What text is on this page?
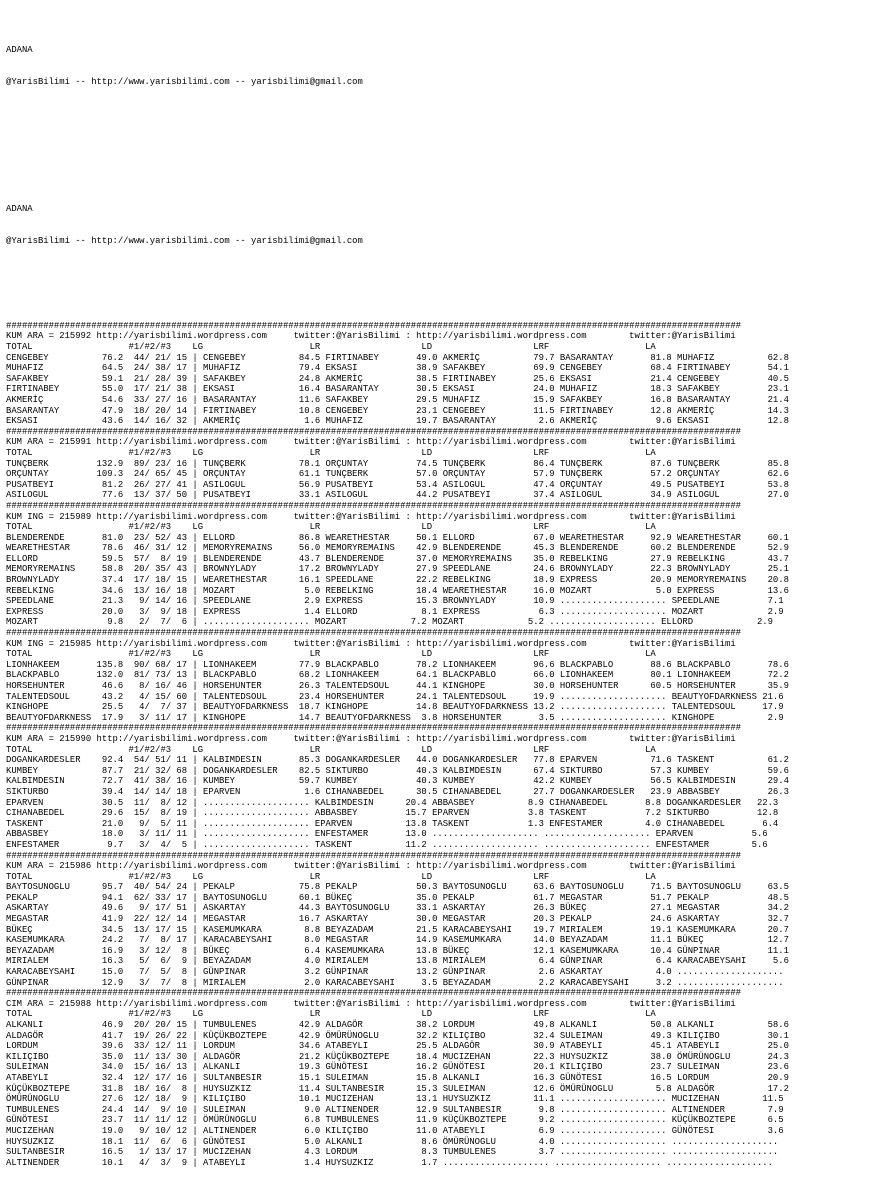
ADANA

@YarisBilimi -- http://www.yarisbilimi.com -- yarisbilimi@gmail.com

ADANA

@YarisBilimi -- http://www.yarisbilimi.com -- yarisbilimi@gmail.com

##########################################################################################################################################
KUM ARA = 215992 http://yarisbilimi.wordpress.com     twitter:@YarisBilimi : http://yarisbilimi.wordpress.com        twitter:@YarisBilimi
TOTAL                  #1/#2/#3    LG                    LR                   LD                   LRF                  LA
CENGEBEY          76.2  44/ 21/ 15 | CENGEBEY          84.5 FIRTINABEY       49.0 AKMERİÇ          79.7 BASARANTAY       81.8 MUHAFIZ          62.8
MUHAFIZ           64.5  24/ 38/ 17 | MUHAFIZ           79.4 EKSASI           38.9 SAFAKBEY         69.9 CENGEBEY         68.4 FIRTINABEY       54.1
SAFAKBEY          59.1  21/ 28/ 39 | SAFAKBEY          24.8 AKMERİÇ          38.5 FIRTINABEY       25.6 EKSASI           21.4 CENGEBEY         40.5
FIRTINABEY        55.0  17/ 21/ 38 | EKSASI            16.4 BASARANTAY       30.5 EKSASI           24.0 MUHAFIZ          18.3 SAFAKBEY         23.1
AKMERİÇ           54.6  33/ 27/ 16 | BASARANTAY        11.6 SAFAKBEY         29.5 MUHAFIZ          15.9 SAFAKBEY         16.8 BASARANTAY       21.4
BASARANTAY        47.9  18/ 20/ 14 | FIRTINABEY        10.8 CENGEBEY         23.1 CENGEBEY         11.5 FIRTINABEY       12.8 AKMERİÇ          14.3
EKSASI            43.6  14/ 16/ 32 | AKMERİÇ            1.6 MUHAFIZ          19.7 BASARANTAY        2.6 AKMERİÇ           9.6 EKSASI           12.8
##########################################################################################################################################
KUM ARA = 215991 http://yarisbilimi.wordpress.com     twitter:@YarisBilimi : http://yarisbilimi.wordpress.com        twitter:@YarisBilimi
TOTAL                  #1/#2/#3    LG                    LR                   LD                   LRF                  LA
TUNÇBERK         132.9  89/ 23/ 16 | TUNÇBERK          78.1 ORÇUNTAY         74.5 TUNÇBERK         86.4 TUNÇBERK         87.6 TUNÇBERK         85.8
ORÇUNTAY         109.3  24/ 65/ 45 | ORÇUNTAY          61.1 TUNÇBERK         57.0 ORÇUNTAY         57.9 TUNÇBERK         57.2 ORÇUNTAY         62.6
PUSATBEYI         81.2  26/ 27/ 41 | ASILOGUL          56.9 PUSATBEYI        53.4 ASILOGUL         47.4 ORÇUNTAY         49.5 PUSATBEYI        53.8
ASILOGUL          77.6  13/ 37/ 50 | PUSATBEYI         33.1 ASILOGUL         44.2 PUSATBEYI        37.4 ASILOGUL         34.9 ASILOGUL         27.0
##########################################################################################################################################
KUM ING = 215989 http://yarisbilimi.wordpress.com     twitter:@YarisBilimi : http://yarisbilimi.wordpress.com        twitter:@YarisBilimi
TOTAL                  #1/#2/#3    LG                    LR                   LD                   LRF                  LA
BLENDERENDE       81.0  23/ 52/ 43 | ELLORD            86.8 WEARETHESTAR     50.1 ELLORD           67.0 WEARETHESTAR     92.9 WEARETHESTAR     60.1
WEARETHESTAR      78.6  46/ 31/ 12 | MEMORYREMAINS     56.0 MEMORYREMAINS    42.9 BLENDERENDE      45.3 BLENDERENDE      60.2 BLENDERENDE      52.9
ELLORD            59.5  57/  8/ 19 | BLENDERENDE       43.7 BLENDERENDE      37.0 MEMORYREMAINS    35.0 REBELKING        27.9 REBELKING        43.7
MEMORYREMAINS     58.8  20/ 35/ 43 | BROWNYLADY        17.2 BROWNYLADY       27.9 SPEEDLANE        24.6 BROWNYLADY       22.3 BROWNYLADY       25.1
BROWNYLADY        37.4  17/ 18/ 15 | WEARETHESTAR      16.1 SPEEDLANE        22.2 REBELKING        18.9 EXPRESS          20.9 MEMORYREMAINS    20.8
REBELKING         34.6  13/ 16/ 18 | MOZART             5.0 REBELKING        18.4 WEARETHESTAR     16.0 MOZART            5.0 EXPRESS          13.6
SPEEDLANE         21.3   9/ 14/ 16 | SPEEDLANE          2.9 EXPRESS          15.3 BROWNYLADY       10.9 .................... SPEEDLANE         7.1
EXPRESS           20.0   3/  9/ 18 | EXPRESS            1.4 ELLORD            8.1 EXPRESS           6.3 .................... MOZART            2.9
MOZART             9.8   2/  7/  6 | .................... MOZART            7.2 MOZART            5.2 .................... ELLORD            2.9
##########################################################################################################################################
KUM ING = 215985 http://yarisbilimi.wordpress.com     twitter:@YarisBilimi : http://yarisbilimi.wordpress.com        twitter:@YarisBilimi
TOTAL                  #1/#2/#3    LG                    LR                   LD                   LRF                  LA
LIONHAKEEM       135.8  90/ 68/ 17 | LIONHAKEEM        77.9 BLACKPABLO       78.2 LIONHAKEEM       96.6 BLACKPABLO       88.6 BLACKPABLO       78.6
BLACKPABLO       132.0  81/ 73/ 13 | BLACKPABLO        68.2 LIONHAKEEM       64.1 BLACKPABLO       66.0 LIONHAKEEM       80.1 LIONHAKEEM       72.2
HORSEHUNTER       46.6   8/ 16/ 46 | HORSEHUNTER       26.3 TALENTEDSOUL     44.1 KINGHOPE         30.0 HORSEHUNTER      60.5 HORSEHUNTER      35.9
TALENTEDSOUL      43.2   4/ 15/ 60 | TALENTEDSOUL      23.4 HORSEHUNTER      24.1 TALENTEDSOUL     19.9 .................... BEAUTYOFDARKNESS 21.6
KINGHOPE          25.5   4/  7/ 37 | BEAUTYOFDARKNESS  18.7 KINGHOPE         14.8 BEAUTYOFDARKNESS 13.2 .................... TALENTEDSOUL     17.9
BEAUTYOFDARKNESS  17.9   3/ 11/ 17 | KINGHOPE          14.7 BEAUTYOFDARKNESS  3.8 HORSEHUNTER       3.5 .................... KINGHOPE          2.9
##########################################################################################################################################
KUM ARA = 215990 http://yarisbilimi.wordpress.com     twitter:@YarisBilimi : http://yarisbilimi.wordpress.com        twitter:@YarisBilimi
TOTAL                  #1/#2/#3    LG                    LR                   LD                   LRF                  LA
DOGANKARDESLER    92.4  54/ 51/ 11 | KALBIMDESIN       85.3 DOGANKARDESLER   44.0 DOGANKARDESLER   77.8 EPARVEN          71.6 TASKENT          61.2
KUMBEY            87.7  21/ 32/ 68 | DOGANKARDESLER    82.5 SIKTURBO         40.3 KALBIMDESIN      67.4 SIKTURBO         57.3 KUMBEY           59.6
KALBIMDESIN       72.7  41/ 38/ 16 | KUMBEY            59.7 KUMBEY           40.3 KUMBEY           42.2 KUMBEY           56.5 KALBIMDESIN      29.4
SIKTURBO          39.4  14/ 14/ 18 | EPARVEN            1.6 CIHANABEDEL      30.5 CIHANABEDEL      27.7 DOGANKARDESLER   23.9 ABBASBEY         26.3
EPARVEN           30.5  11/  8/ 12 | .................... KALBIMDESIN      20.4 ABBASBEY          8.9 CIHANABEDEL       8.8 DOGANKARDESLER   22.3
CIHANABEDEL       29.6  15/  8/ 19 | .................... ABBASBEY         15.7 EPARVEN           3.8 TASKENT           7.2 SIKTURBO         12.8
TASKENT           21.0   9/  5/ 11 | .................... EPARVEN          13.8 TASKENT           1.3 ENFESTAMER        4.0 CIHANABEDEL       6.4
ABBASBEY          18.0   3/ 11/ 11 | .................... ENFESTAMER       13.0 .................... .................... EPARVEN           5.6
ENFESTAMER         9.7   3/  4/  5 | .................... TASKENT          11.2 .................... .................... ENFESTAMER        5.6
##########################################################################################################################################
KUM ARA = 215986 http://yarisbilimi.wordpress.com     twitter:@YarisBilimi : http://yarisbilimi.wordpress.com        twitter:@YarisBilimi
TOTAL                  #1/#2/#3    LG                    LR                   LD                   LRF                  LA
BAYTOSUNOGLU      95.7  40/ 54/ 24 | PEKALP            75.8 PEKALP           50.3 BAYTOSUNOGLU     63.6 BAYTOSUNOGLU     71.5 BAYTOSUNOGLU     63.5
PEKALP            94.1  62/ 33/ 17 | BAYTOSUNOGLU      60.1 BÜKEÇ            35.0 PEKALP           61.7 MEGASTAR         51.7 PEKALP           48.5
ASKARTAY          49.6   9/ 17/ 51 | ASKARTAY          44.3 BAYTOSUNOGLU     33.1 ASKARTAY         26.3 BÜKEÇ            27.1 MEGASTAR         34.2
MEGASTAR          41.9  22/ 12/ 14 | MEGASTAR          16.7 ASKARTAY         30.0 MEGASTAR         20.3 PEKALP           24.6 ASKARTAY         32.7
BÜKEÇ             34.5  13/ 17/ 15 | KASEMUMKARA        8.8 BEYAZADAM        21.5 KARACABEYSAHI    19.7 MIRIALEM         19.1 KASEMUMKARA      20.7
KASEMUMKARA       24.2   7/  8/ 17 | KARACABEYSAHI      8.0 MEGASTAR         14.9 KASEMUMKARA      14.0 BEYAZADAM        11.1 BÜKEÇ            12.7
BEYAZADAM         16.9   3/ 12/  8 | BÜKEÇ              6.4 KASEMUMKARA      13.8 BÜKEÇ            12.1 KASEMUMKARA      10.4 GÜNPINAR         11.1
MIRIALEM          16.3   5/  6/  9 | BEYAZADAM          4.0 MIRIALEM         13.8 MIRIALEM          6.4 GÜNPINAR          6.4 KARACABEYSAHI     5.6
KARACABEYSAHI     15.0   7/  5/  8 | GÜNPINAR           3.2 GÜNPINAR         13.2 GÜNPINAR          2.6 ASKARTAY          4.0 ....................
GÜNPINAR          12.9   3/  7/  8 | MIRIALEM           2.0 KARACABEYSAHI     3.5 BEYAZADAM         2.2 KARACABEYSAHI     3.2 ....................
##########################################################################################################################################
CIM ARA = 215988 http://yarisbilimi.wordpress.com     twitter:@YarisBilimi : http://yarisbilimi.wordpress.com        twitter:@YarisBilimi
TOTAL                  #1/#2/#3    LG                    LR                   LD                   LRF                  LA
ALKANLI           46.9  20/ 20/ 15 | TUMBULENES        42.9 ALDAGÖR          38.2 LORDUM           49.8 ALKANLI          50.8 ALKANLI          58.6
ALDAGÖR           41.7  19/ 26/ 22 | KÜÇÜKBOZTEPE      42.9 ÖMÜRÜNOGLU       32.2 KILIÇIBO         32.4 SULEIMAN         49.3 KILIÇIBO         30.1
LORDUM            39.6  33/ 12/ 11 | LORDUM            34.6 ATABEYLI         25.5 ALDAGÖR          30.9 ATABEYLI         45.1 ATABEYLI         25.0
KILIÇIBO          35.0  11/ 13/ 30 | ALDAGÖR           21.2 KÜÇÜKBOZTEPE     18.4 MUCIZEHAN        22.3 HUYSUZKIZ        38.0 ÖMÜRÜNOGLU       24.3
SULEIMAN          34.0  15/ 16/ 13 | ALKANLI           19.3 GÜNÖTESI         16.2 GÜNÖTESI         20.1 KILIÇIBO         23.7 SULEIMAN         23.6
ATABEYLI          32.4  12/ 17/ 16 | SULTANBESIR       15.1 SULEIMAN         15.8 ALKANLI          16.3 GÜNÖTESI         16.5 LORDUM           20.9
KÜÇÜKBOZTEPE      31.8  18/ 16/  8 | HUYSUZKIZ         11.4 SULTANBESIR      15.3 SULEIMAN         12.6 ÖMÜRÜNOGLU        5.8 ALDAGÖR          17.2
ÖMÜRÜNOGLU        27.6  12/ 18/  9 | KILIÇIBO          10.1 MUCIZEHAN        13.1 HUYSUZKIZ        11.1 .................... MUCIZEHAN        11.5
TUMBULENES        24.4  14/  9/ 10 | SULEIMAN           9.0 ALTINENDER       12.9 SULTANBESIR       9.8 .................... ALTINENDER        7.9
GÜNÖTESI          23.7  11/ 11/ 12 | ÖMÜRÜNOGLU         6.8 TUMBULENES       11.9 KÜÇÜKBOZTEPE      9.2 .................... KÜÇÜKBOZTEPE      6.5
MUCIZEHAN         19.0   9/ 10/ 12 | ALTINENDER         6.0 KILIÇIBO         11.0 ATABEYLI          6.9 .................... GÜNÖTESI          3.6
HUYSUZKIZ         18.1  11/  6/  6 | GÜNÖTESI           5.0 ALKANLI           8.6 ÖMÜRÜNOGLU        4.0 .................... ....................
SULTANBESIR       16.5   1/ 13/ 17 | MUCIZEHAN          4.3 LORDUM            8.3 TUMBULENES        3.7 .................... ....................
ALTINENDER        10.1   4/  3/  9 | ATABEYLI           1.4 HUYSUZKIZ         1.7 .................... .................... ....................
